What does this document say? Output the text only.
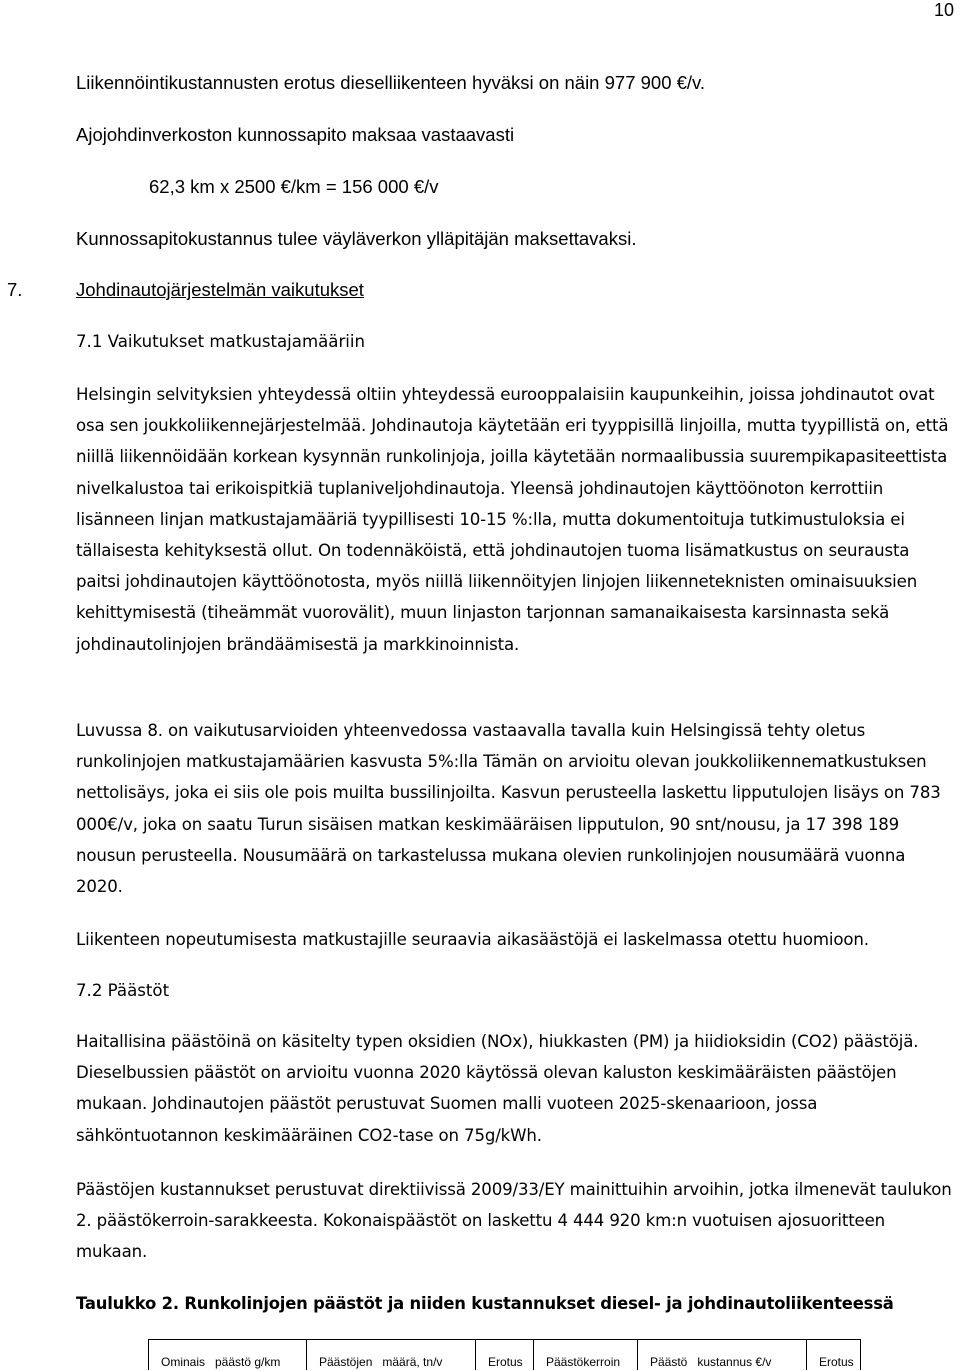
10
Liikennöintikustannusten erotus dieselliikenteen hyväksi on näin 977 900 €/v.
Ajojohdinverkoston kunnossapito maksaa vastaavasti
62,3 km x 2500 €/km = 156 000 €/v
Kunnossapitokustannus tulee väyläverkon ylläpitäjän maksettavaksi.
7.	Johdinautojärjestelmän vaikutukset
7.1 Vaikutukset matkustajamääriin
Helsingin selvityksien yhteydessä oltiin yhteydessä eurooppalaisiin kaupunkeihin, joissa johdinautot ovat osa sen joukkoliikennejärjestelmää. Johdinautoja käytetään eri tyyppisillä linjoilla, mutta tyypillistä on, että niillä liikennöidään korkean kysynnän runkolinjoja, joilla käytetään normaalibussia suurempikapasiteettista nivelkalustoa tai erikoispitkiä tuplaniveljohdinautoja. Yleensä johdinautojen käyttöönoton kerrottiin lisänneen linjan matkustajamääriä tyypillisesti 10-15 %:lla, mutta dokumentoituja tutkimustuloksia ei tällaisesta kehityksestä ollut. On todennäköistä, että johdinautojen tuoma lisämatkustus on seurausta paitsi johdinautojen käyttöönotosta, myös niillä liikennöityjen linjojen liikenneteknisten ominaisuuksien kehittymisestä (tiheämmät vuorovälit), muun linjaston tarjonnan samanaikaisesta karsinnasta sekä johdinautolinjojen brändäämisestä ja markkinoinnista.
Luvussa 8. on vaikutusarvioiden yhteenvedossa vastaavalla tavalla kuin Helsingissä tehty oletus runkolinjojen matkustajamäärien kasvusta 5%:lla Tämän on arvioitu olevan joukkoliikennematkustuksen nettolisäys, joka ei siis ole pois muilta bussilinjoilta. Kasvun perusteella laskettu lipputulojen lisäys on 783 000€/v, joka on saatu Turun sisäisen matkan keskimääräisen lipputulon, 90 snt/nousu, ja 17 398 189 nousun perusteella. Nousumäärä on tarkastelussa mukana olevien runkolinjojen nousumäärä vuonna 2020.
Liikenteen nopeutumisesta matkustajille seuraavia aikasäästöjä ei laskelmassa otettu huomioon.
7.2 Päästöt
Haitallisina päästöinä on käsitelty typen oksidien (NOx), hiukkasten (PM) ja hiidioksidin (CO2) päästöjä. Dieselbussien päästöt on arvioitu vuonna 2020 käytössä olevan kaluston keskimääräisten päästöjen mukaan. Johdinautojen päästöt perustuvat Suomen malli vuoteen 2025-skenaarioon, jossa sähköntuotannon keskimääräinen CO2-tase on 75g/kWh.
Päästöjen kustannukset perustuvat direktiivissä 2009/33/EY mainittuihin arvoihin, jotka ilmenevät taulukon 2. päästökerroin-sarakkeesta. Kokonaispäästöt on laskettu 4 444 920 km:n vuotuisen ajosuoritteen mukaan.
Taulukko 2. Runkolinjojen päästöt ja niiden kustannukset diesel- ja johdinautoliikenteessä
Ominais   päästö g/km	Päästöjen   määrä, tn/v	Erotus	Päästökerroin	Päästö   kustannus €/v	Erotus
